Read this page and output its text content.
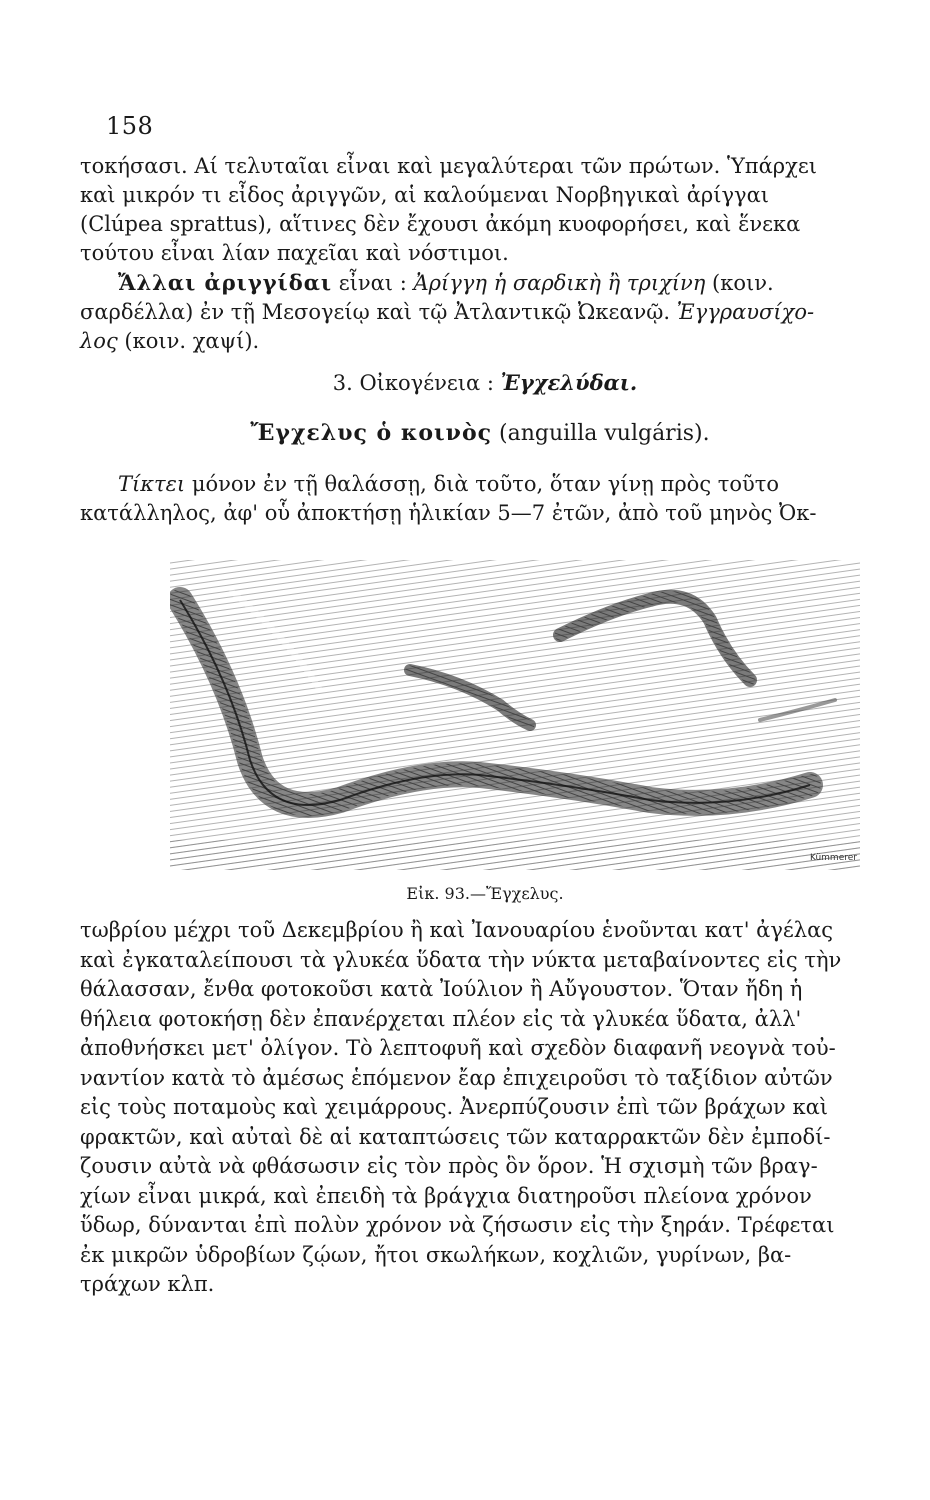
158

τοκήσασι. Αί τελυταῖαι εἶναι καὶ μεγαλύτεραι τῶν πρώτων. Ὑπάρχει

καὶ μικρόν τι εἶδος ἀριγγῶν, αἱ καλούμεναι Νορβηγικαὶ ἀρίγγαι

(Clúpea sprattus), αἵτινες δὲν ἔχουσι ἀκόμη κυοφορήσει, καὶ ἕνεκα

τούτου εἶναι λίαν παχεῖαι καὶ νόστιμοι.

Ἄλλαι ἀριγγίδαι εἶναι : Ἀρίγγη ἡ σαρδικὴ ἢ τριχίνη (κοιν.

σαρδέλλα) ἐν τῇ Μεσογείῳ καὶ τῷ Ἀτλαντικῷ Ὠκεανῷ. Ἐγγραυσίχο-

λος (κοιν. χαψί).

3. Οἰκογένεια : Ἐγχελύδαι.
Ἔγχελυς ὁ κοινὸς (anguilla vulgáris).

Τίκτει μόνον ἐν τῇ θαλάσσῃ, διὰ τοῦτο, ὅταν γίνῃ πρὸς τοῦτο

κατάλληλος, ἀφ' οὗ ἀποκτήσῃ ἡλικίαν 5—7 ἐτῶν, ἀπὸ τοῦ μηνὸς Ὀκ-

Kümmerer
Εἰκ. 93.—Ἔγχελυς.

τωβρίου μέχρι τοῦ Δεκεμβρίου ἢ καὶ Ἰανουαρίου ἑνοῦνται κατ' ἀγέλας

καὶ ἐγκαταλείπουσι τὰ γλυκέα ὕδατα τὴν νύκτα μεταβαίνοντες εἰς τὴν

θάλασσαν, ἔνθα φοτοκοῦσι κατὰ Ἰούλιον ἢ Αὔγουστον. Ὅταν ἤδη ἡ

θήλεια φοτοκήσῃ δὲν ἐπανέρχεται πλέον εἰς τὰ γλυκέα ὕδατα, ἀλλ'

ἀποθνήσκει μετ' ὀλίγον. Τὸ λεπτοφυῆ καὶ σχεδὸν διαφανῆ νεογνὰ τοὐ-

ναντίον κατὰ τὸ ἀμέσως ἑπόμενον ἔαρ ἐπιχειροῦσι τὸ ταξίδιον αὐτῶν

εἰς τοὺς ποταμοὺς καὶ χειμάρρους. Ἀνερπύζουσιν ἐπὶ τῶν βράχων καὶ

φρακτῶν, καὶ αὐταὶ δὲ αἱ καταπτώσεις τῶν καταρρακτῶν δὲν ἐμποδί-

ζουσιν αὐτὰ νὰ φθάσωσιν εἰς τὸν πρὸς ὃν ὅρον. Ἡ σχισμὴ τῶν βραγ-

χίων εἶναι μικρά, καὶ ἐπειδὴ τὰ βράγχια διατηροῦσι πλείονα χρόνον

ὕδωρ, δύνανται ἐπὶ πολὺν χρόνον νὰ ζήσωσιν εἰς τὴν ξηράν. Τρέφεται

ἐκ μικρῶν ὑδροβίων ζῴων, ἤτοι σκωλήκων, κοχλιῶν, γυρίνων, βα-

τράχων κλπ.
